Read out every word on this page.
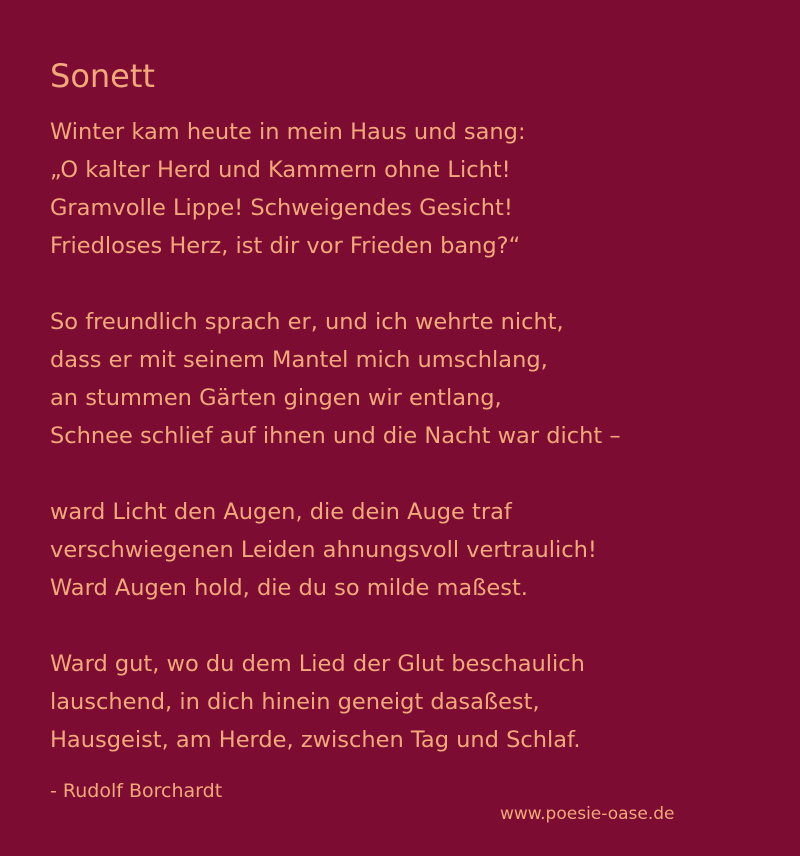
Sonett
Winter kam heute in mein Haus und sang:
„O kalter Herd und Kammern ohne Licht!
Gramvolle Lippe! Schweigendes Gesicht!
Friedloses Herz, ist dir vor Frieden bang?“
So freundlich sprach er, und ich wehrte nicht,
dass er mit seinem Mantel mich umschlang,
an stummen Gärten gingen wir entlang,
Schnee schlief auf ihnen und die Nacht war dicht –
ward Licht den Augen, die dein Auge traf
verschwiegenen Leiden ahnungsvoll vertraulich!
Ward Augen hold, die du so milde maßest.
Ward gut, wo du dem Lied der Glut beschaulich
lauschend, in dich hinein geneigt dasaßest,
Hausgeist, am Herde, zwischen Tag und Schlaf.
- Rudolf Borchardt
www.poesie-oase.de
